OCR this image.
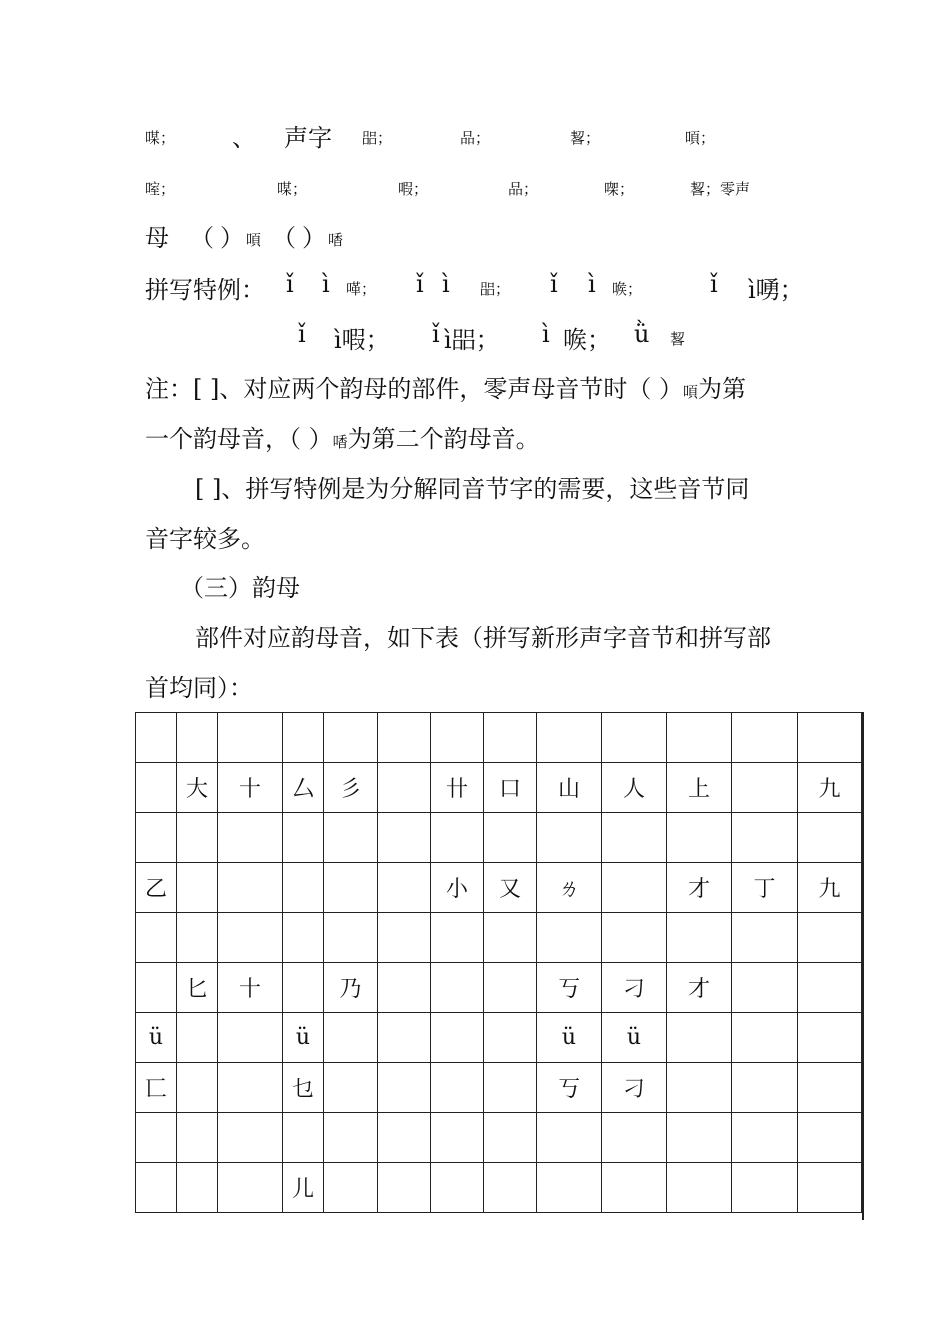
㖼； 、 声字 㗊；	品；	㗉；	㖽；
㗌；	㖼；	㗇；	品；	㗎；	㗉；零声
母 （ ） 㖽 （ ） 㗍
拼写特例： ǐ ì 㗆； ǐ ì 㗊； ǐ ì 㗋；	ǐ ì㗈；
ǐ ì㗇； ǐ ì㗊； ì 㗋； ǜ 㗉
注：[ ]、对应两个韵母的部件，零声母音节时（ ）㖽为第
一个韵母音，（ ）㗍为第二个韵母音。
[ ]、拼写特例是为分解同音节字的需要，这些音节同
音字较多。
（三）韵母
部件对应韵母音，如下表（拼写新形声字音节和拼写部
首均同）：

	大	十	厶	彡		卄	口	山	人	上		九

乙						小	又	ㄌ		才	丁	九

	匕	十		乃				丂	刁	才		
ü			ü					ü	ü			
匸			乜					丂	刁			

			儿									
